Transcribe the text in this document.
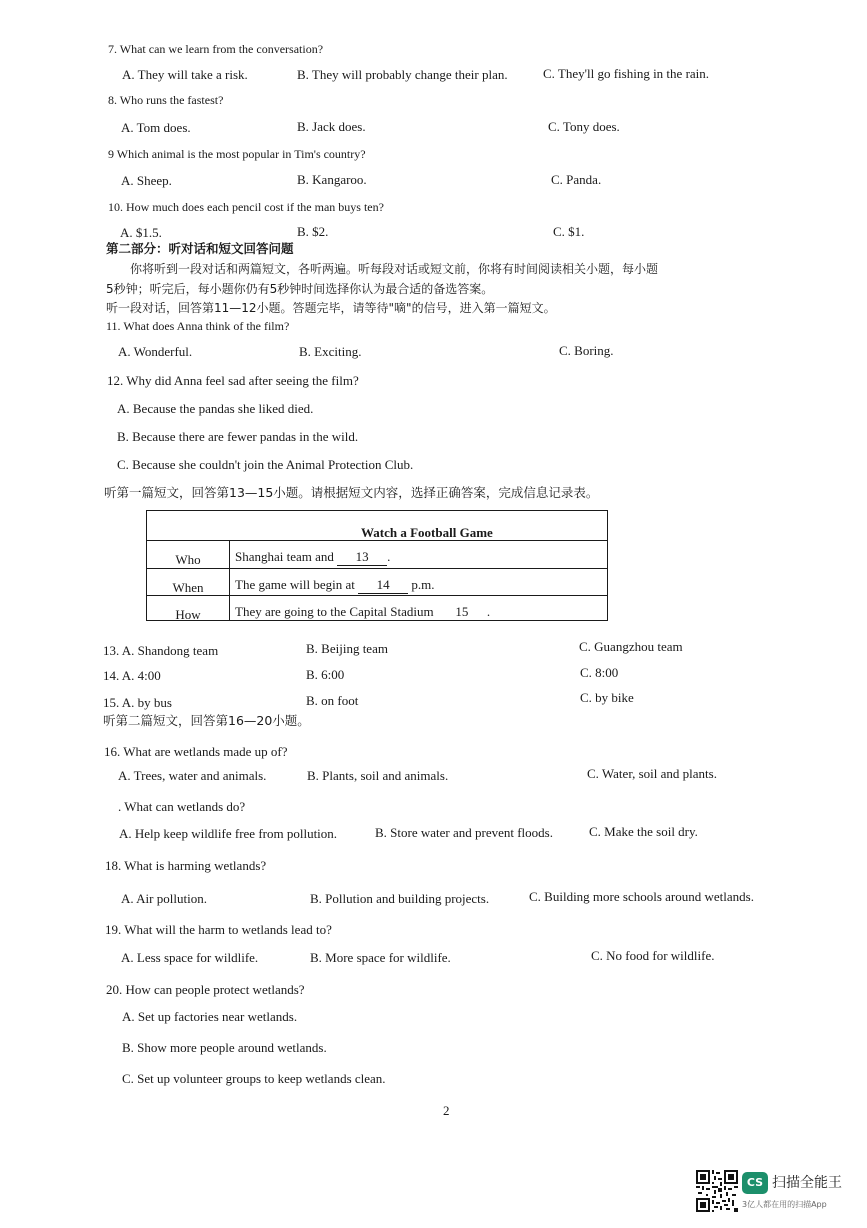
7. What can we learn from the conversation?
A. They will take a risk.	B. They will probably change their plan.	C. They'll go fishing in the rain.
8. Who runs the fastest?
A. Tom does.	B. Jack does.	C. Tony does.
9 Which animal is the most popular in Tim's country?
A. Sheep.	B. Kangaroo.	C. Panda.
10. How much does each pencil cost if the man buys ten?
A. $1.5.	B. $2.	C. $1.
第二部分：听对话和短文回答问题
你将听到一段对话和两篇短文，各听两遍。听每段对话或短文前，你将有时间阅读相关小题，每小题
5秒钟；听完后，每小题你仍有5秒钟时间选择你认为最合适的备选答案。
听一段对话，回答第11—12小题。答题完毕，请等待"嘀"的信号，进入第一篇短文。
11. What does Anna think of the film?
A. Wonderful.	B. Exciting.	C. Boring.
12. Why did Anna feel sad after seeing the film?
A. Because the pandas she liked died.
B. Because there are fewer pandas in the wild.
C. Because she couldn't join the Animal Protection Club.
听第一篇短文，回答第13—15小题。请根据短文内容，选择正确答案，完成信息记录表。
Watch a Football Game
Who	Shanghai team and 13 .
When	The game will begin at 14 p.m.
How	They are going to the Capital Stadium 15 .
13. A. Shandong team	B. Beijing team	C. Guangzhou team
14. A. 4:00	B. 6:00	C. 8:00
15. A. by bus	B. on foot	C. by bike
听第二篇短文，回答第16—20小题。
16. What are wetlands made up of?
A. Trees, water and animals.	B. Plants, soil and animals.	C. Water, soil and plants.
. What can wetlands do?
A. Help keep wildlife free from pollution.	B. Store water and prevent floods.	C. Make the soil dry.
18. What is harming wetlands?
A. Air pollution.	B. Pollution and building projects.	C. Building more schools around wetlands.
19. What will the harm to wetlands lead to?
A. Less space for wildlife.	B. More space for wildlife.	C. No food for wildlife.
20. How can people protect wetlands?
A. Set up factories near wetlands.
B. Show more people around wetlands.
C. Set up volunteer groups to keep wetlands clean.
2
CS 扫描全能王
3亿人都在用的扫描App
